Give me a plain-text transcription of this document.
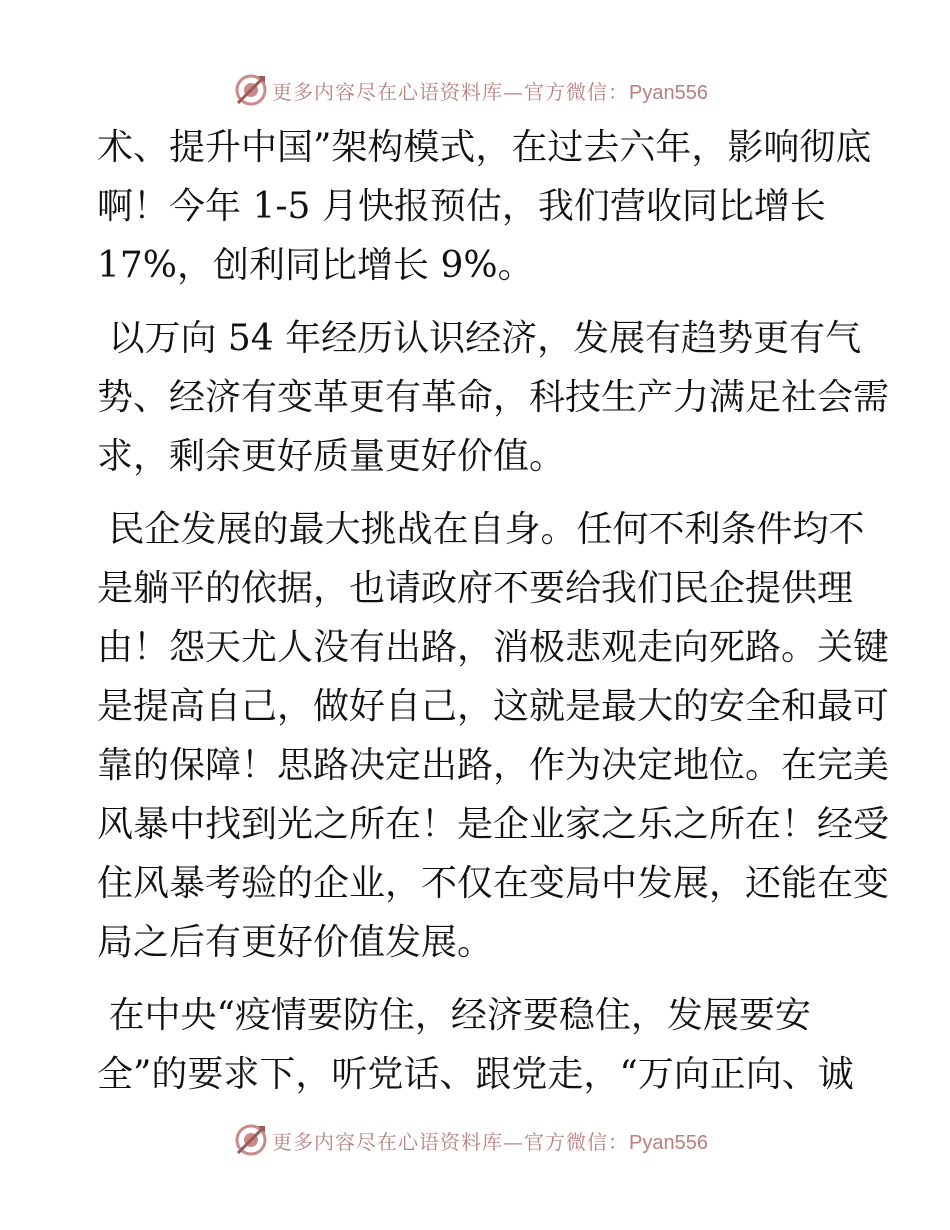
更多内容尽在心语资料库—官方微信：Pyan556
术、提升中国”架构模式，在过去六年，影响彻底
啊！今年 1-5 月快报预估，我们营收同比增长
17%，创利同比增长 9%。
以万向 54 年经历认识经济，发展有趋势更有气
势、经济有变革更有革命，科技生产力满足社会需
求，剩余更好质量更好价值。
民企发展的最大挑战在自身。任何不利条件均不
是躺平的依据，也请政府不要给我们民企提供理
由！怨天尤人没有出路，消极悲观走向死路。关键
是提高自己，做好自己，这就是最大的安全和最可
靠的保障！思路决定出路，作为决定地位。在完美
风暴中找到光之所在！是企业家之乐之所在！经受
住风暴考验的企业，不仅在变局中发展，还能在变
局之后有更好价值发展。
在中央“疫情要防住，经济要稳住，发展要安
全”的要求下，听党话、跟党走，“万向正向、诚
更多内容尽在心语资料库—官方微信：Pyan556
